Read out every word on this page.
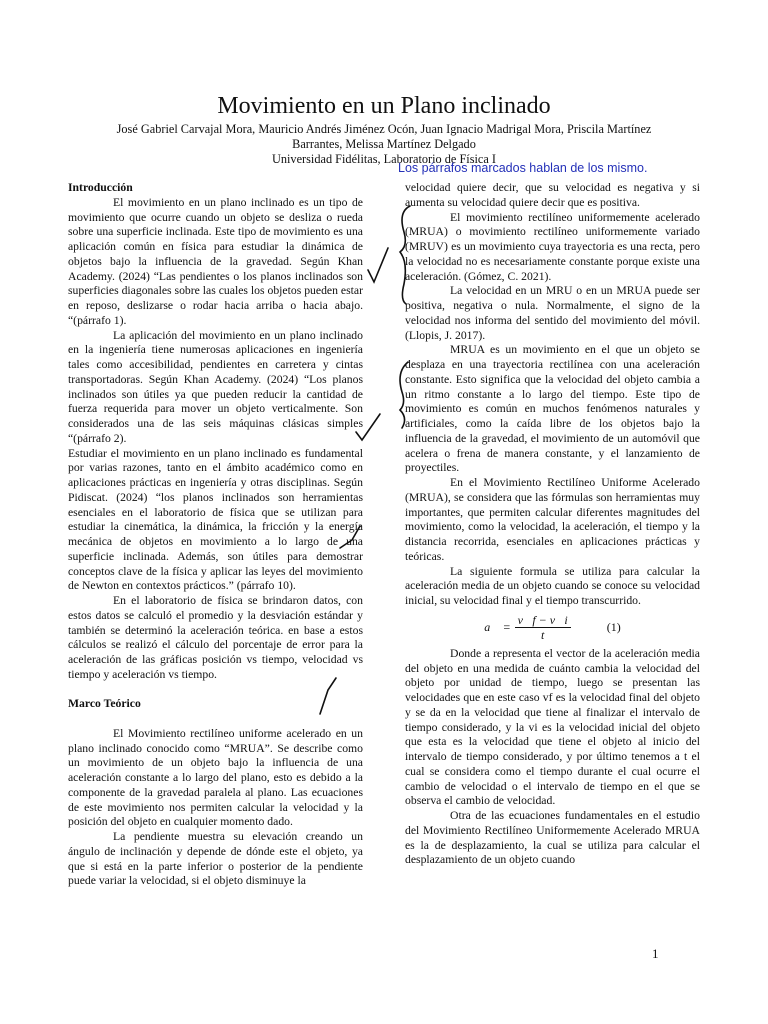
Movimiento en un Plano inclinado
José Gabriel Carvajal Mora, Mauricio Andrés Jiménez Ocón, Juan Ignacio Madrigal Mora, Priscila Martínez Barrantes, Melissa Martínez Delgado
Universidad Fidélitas, Laboratorio de Física I
Los párrafos marcados hablan de los mismo.
Introducción

El movimiento en un plano inclinado es un tipo de movimiento que ocurre cuando un objeto se desliza o rueda sobre una superficie inclinada. Este tipo de movimiento es una aplicación común en física para estudiar la dinámica de objetos bajo la influencia de la gravedad. Según Khan Academy. (2024) “Las pendientes o los planos inclinados son superficies diagonales sobre las cuales los objetos pueden estar en reposo, deslizarse o rodar hacia arriba o hacia abajo. “(párrafo 1).

La aplicación del movimiento en un plano inclinado en la ingeniería tiene numerosas aplicaciones en ingeniería tales como accesibilidad, pendientes en carretera y cintas transportadoras. Según Khan Academy. (2024) “Los planos inclinados son útiles ya que pueden reducir la cantidad de fuerza requerida para mover un objeto verticalmente. Son considerados una de las seis máquinas clásicas simples “(párrafo 2).

Estudiar el movimiento en un plano inclinado es fundamental por varias razones, tanto en el ámbito académico como en aplicaciones prácticas en ingeniería y otras disciplinas. Según Pidiscat. (2024) “los planos inclinados son herramientas esenciales en el laboratorio de física que se utilizan para estudiar la cinemática, la dinámica, la fricción y la energía mecánica de objetos en movimiento a lo largo de una superficie inclinada. Además, son útiles para demostrar conceptos clave de la física y aplicar las leyes del movimiento de Newton en contextos prácticos.” (párrafo 10).

En el laboratorio de física se brindaron datos, con estos datos se calculó el promedio y la desviación estándar y también se determinó la aceleración teórica. en base a estos cálculos se realizó el cálculo del porcentaje de error para la aceleración de las gráficas posición vs tiempo, velocidad vs tiempo y aceleración vs tiempo.

Marco Teórico

El Movimiento rectilíneo uniforme acelerado en un plano inclinado conocido como “MRUA”. Se describe como un movimiento de un objeto bajo la influencia de una aceleración constante a lo largo del plano, esto es debido a la componente de la gravedad paralela al plano. Las ecuaciones de este movimiento nos permiten calcular la velocidad y la posición del objeto en cualquier momento dado.

La pendiente muestra su elevación creando un ángulo de inclinación y depende de dónde este el objeto, ya que si está en la parte inferior o posterior de la pendiente puede variar la velocidad, si el objeto disminuye la

velocidad quiere decir, que su velocidad es negativa y si aumenta su velocidad quiere decir que es positiva.

El movimiento rectilíneo uniformemente acelerado (MRUA) o movimiento rectilíneo uniformemente variado (MRUV) es un movimiento cuya trayectoria es una recta, pero la velocidad no es necesariamente constante porque existe una aceleración. (Gómez, C. 2021).

La velocidad en un MRU o en un MRUA puede ser positiva, negativa o nula. Normalmente, el signo de la velocidad nos informa del sentido del movimiento del móvil. (Llopis, J. 2017).

MRUA es un movimiento en el que un objeto se desplaza en una trayectoria rectilínea con una aceleración constante. Esto significa que la velocidad del objeto cambia a un ritmo constante a lo largo del tiempo. Este tipo de movimiento es común en muchos fenómenos naturales y artificiales, como la caída libre de los objetos bajo la influencia de la gravedad, el movimiento de un automóvil que acelera o frena de manera constante, y el lanzamiento de proyectiles.

En el Movimiento Rectilíneo Uniforme Acelerado (MRUA), se considera que las fórmulas son herramientas muy importantes, que permiten calcular diferentes magnitudes del movimiento, como la velocidad, la aceleración, el tiempo y la distancia recorrida, esenciales en aplicaciones prácticas y teóricas.

La siguiente formula se utiliza para calcular la aceleración media de un objeto cuando se conoce su velocidad inicial, su velocidad final y el tiempo transcurrido.

a⃗ = $\frac{v⃗f - v⃗i}{t}$	(1)

Donde a representa el vector de la aceleración media del objeto en una medida de cuánto cambia la velocidad del objeto por unidad de tiempo, luego se presentan las velocidades que en este caso vf es la velocidad final del objeto y se da en la velocidad que tiene al finalizar el intervalo de tiempo considerado, y la vi es la velocidad inicial del objeto que esta es la velocidad que tiene el objeto al inicio del intervalo de tiempo considerado, y por último tenemos a t el cual se considera como el tiempo durante el cual ocurre el cambio de velocidad o el intervalo de tiempo en el que se observa el cambio de velocidad.

Otra de las ecuaciones fundamentales en el estudio del Movimiento Rectilíneo Uniformemente Acelerado MRUA es la de desplazamiento, la cual se utiliza para calcular el desplazamiento de un objeto cuando

1
